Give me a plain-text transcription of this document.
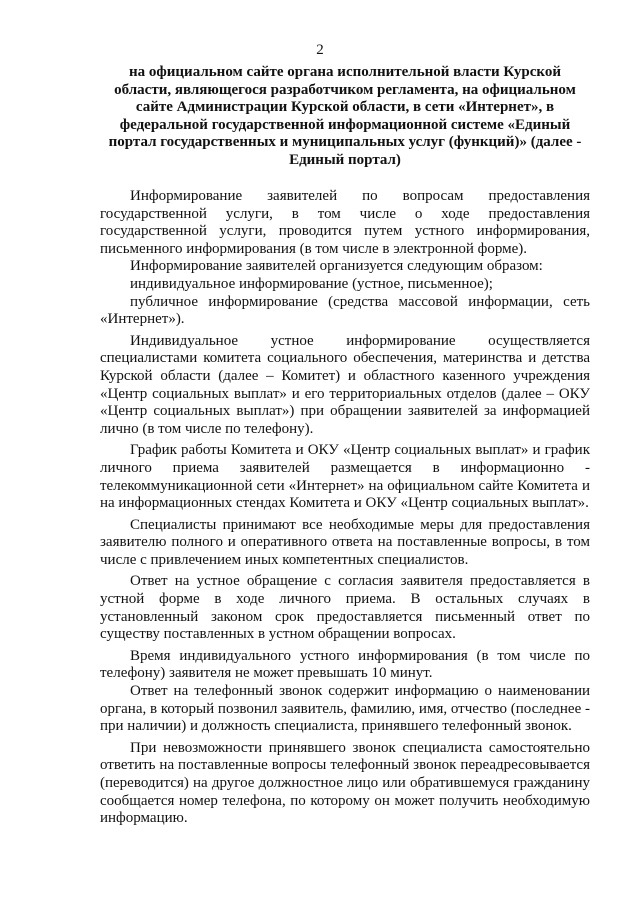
2
на официальном сайте органа исполнительной власти Курской области, являющегося разработчиком регламента, на официальном сайте Администрации Курской области, в сети «Интернет», в федеральной государственной информационной системе «Единый портал государственных и муниципальных услуг (функций)» (далее - Единый портал)

Информирование заявителей по вопросам предоставления государственной услуги, в том числе о ходе предоставления государственной услуги, проводится путем устного информирования, письменного информирования (в том числе в электронной форме).

Информирование заявителей организуется следующим образом:

индивидуальное информирование (устное, письменное);

публичное информирование (средства массовой информации, сеть «Интернет»).

Индивидуальное устное информирование осуществляется специалистами комитета социального обеспечения, материнства и детства Курской области (далее – Комитет) и областного казенного учреждения «Центр социальных выплат» и его территориальных отделов (далее – ОКУ «Центр социальных выплат») при обращении заявителей за информацией лично (в том числе по телефону).

График работы Комитета и ОКУ «Центр социальных выплат» и график личного приема заявителей размещается в информационно - телекоммуникационной сети «Интернет» на официальном сайте Комитета и на информационных стендах Комитета и ОКУ «Центр социальных выплат».

Специалисты принимают все необходимые меры для предоставления заявителю полного и оперативного ответа на поставленные вопросы, в том числе с привлечением иных компетентных специалистов.

Ответ на устное обращение с согласия заявителя предоставляется в устной форме в ходе личного приема. В остальных случаях в установленный законом срок предоставляется письменный ответ по существу поставленных в устном обращении вопросах.

Время индивидуального устного информирования (в том числе по телефону) заявителя не может превышать 10 минут.

Ответ на телефонный звонок содержит информацию о наименовании органа, в который позвонил заявитель, фамилию, имя, отчество (последнее - при наличии) и должность специалиста, принявшего телефонный звонок.

При невозможности принявшего звонок специалиста самостоятельно ответить на поставленные вопросы телефонный звонок переадресовывается (переводится) на другое должностное лицо или обратившемуся гражданину сообщается номер телефона, по которому он может получить необходимую информацию.
